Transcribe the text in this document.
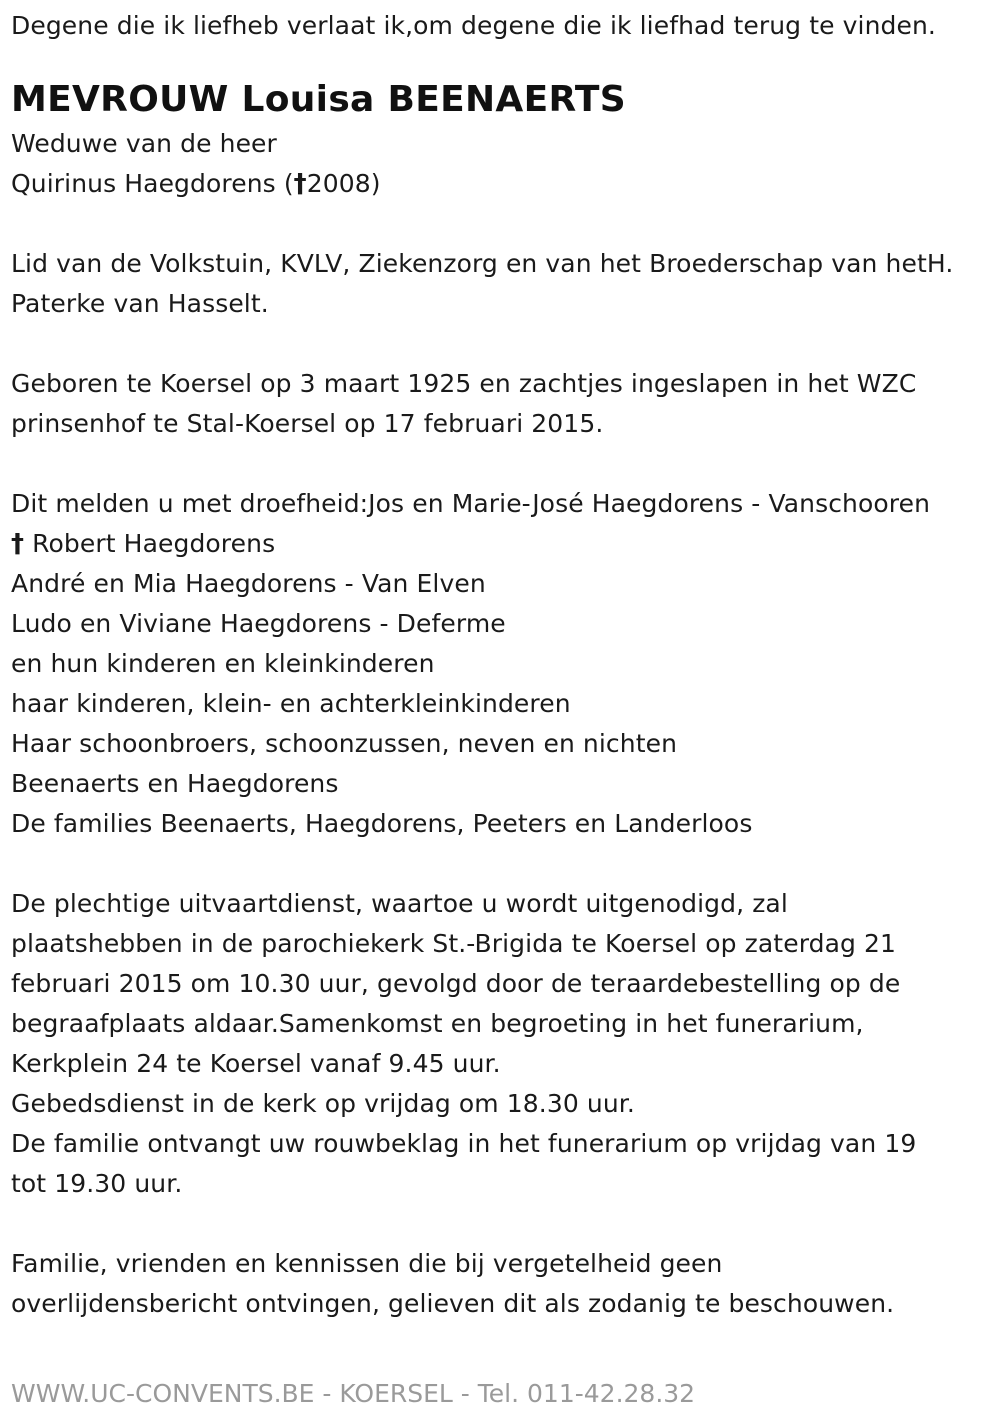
Degene die ik liefheb verlaat ik,om degene die ik liefhad terug te vinden.
MEVROUW Louisa BEENAERTS
Weduwe van de heer
Quirinus Haegdorens (†2008)
Lid van de Volkstuin, KVLV, Ziekenzorg en van het Broederschap van hetH.
Paterke van Hasselt.
Geboren te Koersel op 3 maart 1925 en zachtjes ingeslapen in het WZC
prinsenhof te Stal-Koersel op 17 februari 2015.
Dit melden u met droefheid:Jos en Marie-José Haegdorens - Vanschooren
† Robert Haegdorens
André en Mia Haegdorens - Van Elven
Ludo en Viviane Haegdorens - Deferme
en hun kinderen en kleinkinderen
haar kinderen, klein- en achterkleinkinderen
Haar schoonbroers, schoonzussen, neven en nichten
Beenaerts en Haegdorens
De families Beenaerts, Haegdorens, Peeters en Landerloos
De plechtige uitvaartdienst, waartoe u wordt uitgenodigd, zal
plaatshebben in de parochiekerk St.-Brigida te Koersel op zaterdag 21
februari 2015 om 10.30 uur, gevolgd door de teraardebestelling op de
begraafplaats aldaar.Samenkomst en begroeting in het funerarium,
Kerkplein 24 te Koersel vanaf 9.45 uur.
Gebedsdienst in de kerk op vrijdag om 18.30 uur.
De familie ontvangt uw rouwbeklag in het funerarium op vrijdag van 19
tot 19.30 uur.
Familie, vrienden en kennissen die bij vergetelheid geen
overlijdensbericht ontvingen, gelieven dit als zodanig te beschouwen.
WWW.UC-CONVENTS.BE - KOERSEL - Tel. 011-42.28.32
